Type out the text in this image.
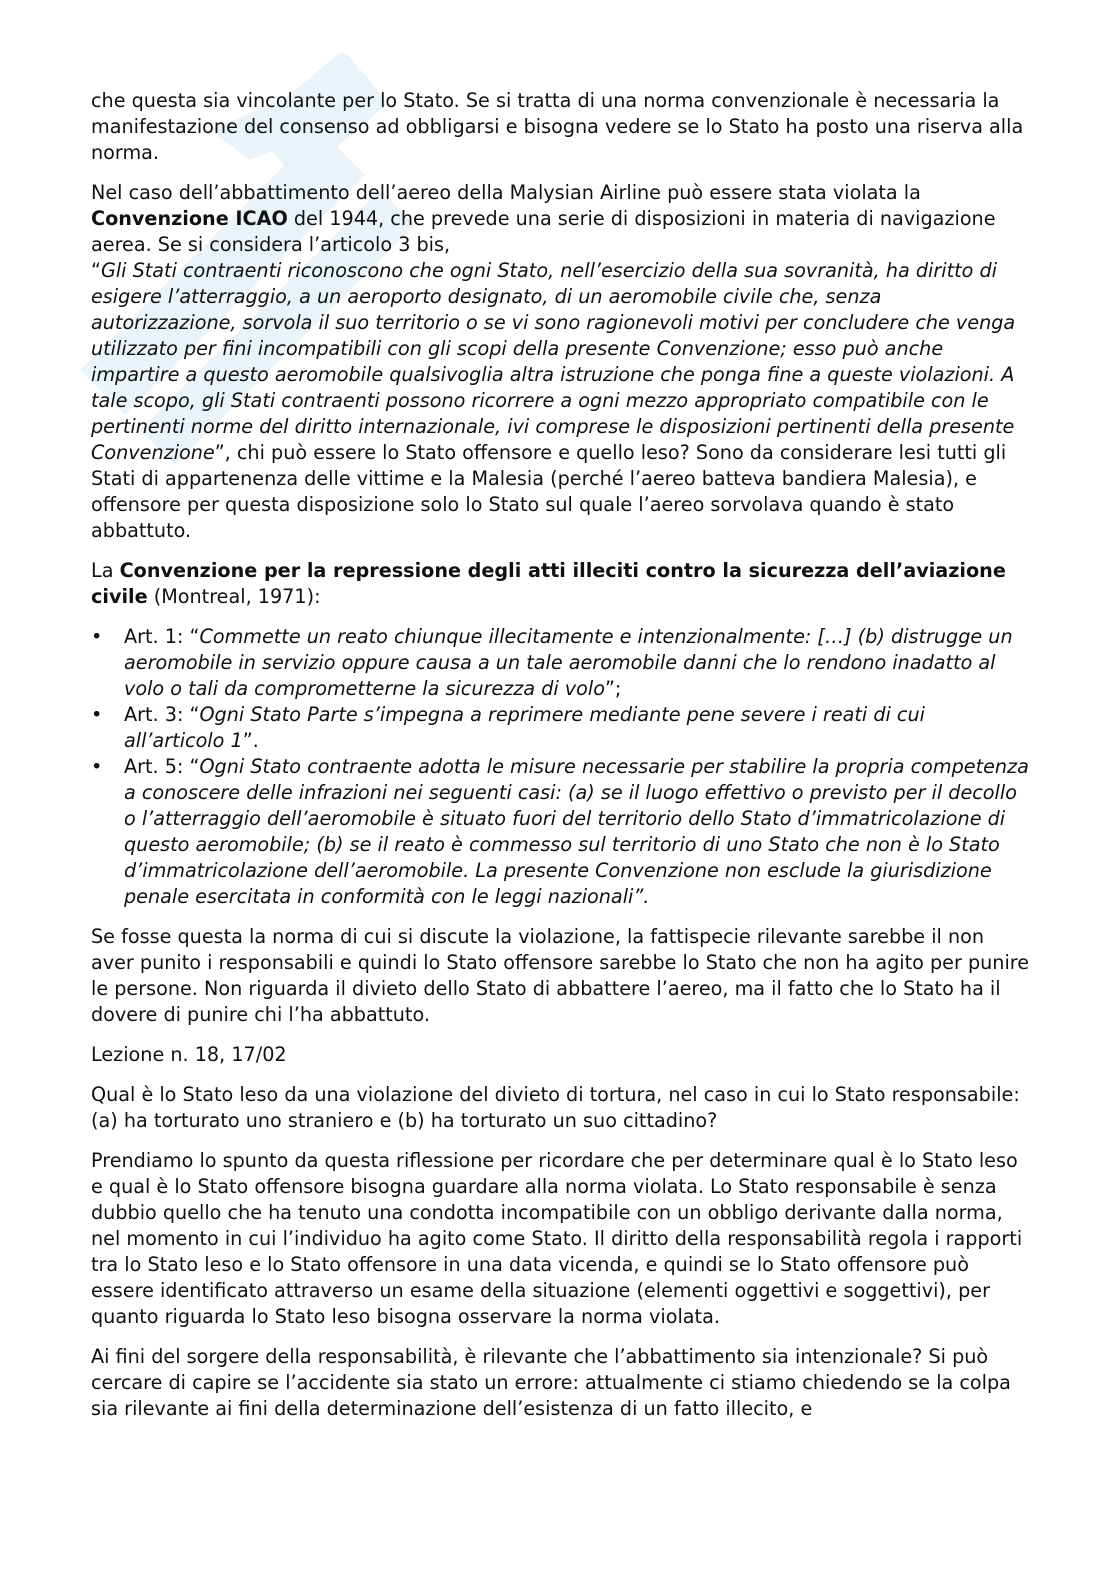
che questa sia vincolante per lo Stato. Se si tratta di una norma convenzionale è necessaria la manifestazione del consenso ad obbligarsi e bisogna vedere se lo Stato ha posto una riserva alla norma.

Nel caso dell’abbattimento dell’aereo della Malysian Airline può essere stata violata la Convenzione ICAO del 1944, che prevede una serie di disposizioni in materia di navigazione aerea. Se si considera l’articolo 3 bis,
“Gli Stati contraenti riconoscono che ogni Stato, nell’esercizio della sua sovranità, ha diritto di esigere l’atterraggio, a un aeroporto designato, di un aeromobile civile che, senza autorizzazione, sorvola il suo territorio o se vi sono ragionevoli motivi per concludere che venga utilizzato per fini incompatibili con gli scopi della presente Convenzione; esso può anche impartire a questo aeromobile qualsivoglia altra istruzione che ponga fine a queste violazioni. A tale scopo, gli Stati contraenti possono ricorrere a ogni mezzo appropriato compatibile con le pertinenti norme del diritto internazionale, ivi comprese le disposizioni pertinenti della presente Convenzione”, chi può essere lo Stato offensore e quello leso? Sono da considerare lesi tutti gli Stati di appartenenza delle vittime e la Malesia (perché l’aereo batteva bandiera Malesia), e offensore per questa disposizione solo lo Stato sul quale l’aereo sorvolava quando è stato abbattuto.

La Convenzione per la repressione degli atti illeciti contro la sicurezza dell’aviazione civile (Montreal, 1971):

• Art. 1: “Commette un reato chiunque illecitamente e intenzionalmente: […] (b) distrugge un aeromobile in servizio oppure causa a un tale aeromobile danni che lo rendono inadatto al volo o tali da comprometterne la sicurezza di volo”;
• Art. 3: “Ogni Stato Parte s’impegna a reprimere mediante pene severe i reati di cui all’articolo 1”.
• Art. 5: “Ogni Stato contraente adotta le misure necessarie per stabilire la propria competenza a conoscere delle infrazioni nei seguenti casi: (a) se il luogo effettivo o previsto per il decollo o l’atterraggio dell’aeromobile è situato fuori del territorio dello Stato d’immatricolazione di questo aeromobile; (b) se il reato è commesso sul territorio di uno Stato che non è lo Stato d’immatricolazione dell’aeromobile. La presente Convenzione non esclude la giurisdizione penale esercitata in conformità con le leggi nazionali”.

Se fosse questa la norma di cui si discute la violazione, la fattispecie rilevante sarebbe il non aver punito i responsabili e quindi lo Stato offensore sarebbe lo Stato che non ha agito per punire le persone. Non riguarda il divieto dello Stato di abbattere l’aereo, ma il fatto che lo Stato ha il dovere di punire chi l’ha abbattuto.

Lezione n. 18, 17/02

Qual è lo Stato leso da una violazione del divieto di tortura, nel caso in cui lo Stato responsabile: (a) ha torturato uno straniero e (b) ha torturato un suo cittadino?

Prendiamo lo spunto da questa riflessione per ricordare che per determinare qual è lo Stato leso e qual è lo Stato offensore bisogna guardare alla norma violata. Lo Stato responsabile è senza dubbio quello che ha tenuto una condotta incompatibile con un obbligo derivante dalla norma, nel momento in cui l’individuo ha agito come Stato. Il diritto della responsabilità regola i rapporti tra lo Stato leso e lo Stato offensore in una data vicenda, e quindi se lo Stato offensore può essere identificato attraverso un esame della situazione (elementi oggettivi e soggettivi), per quanto riguarda lo Stato leso bisogna osservare la norma violata.

Ai fini del sorgere della responsabilità, è rilevante che l’abbattimento sia intenzionale? Si può cercare di capire se l’accidente sia stato un errore: attualmente ci stiamo chiedendo se la colpa sia rilevante ai fini della determinazione dell’esistenza di un fatto illecito, e
